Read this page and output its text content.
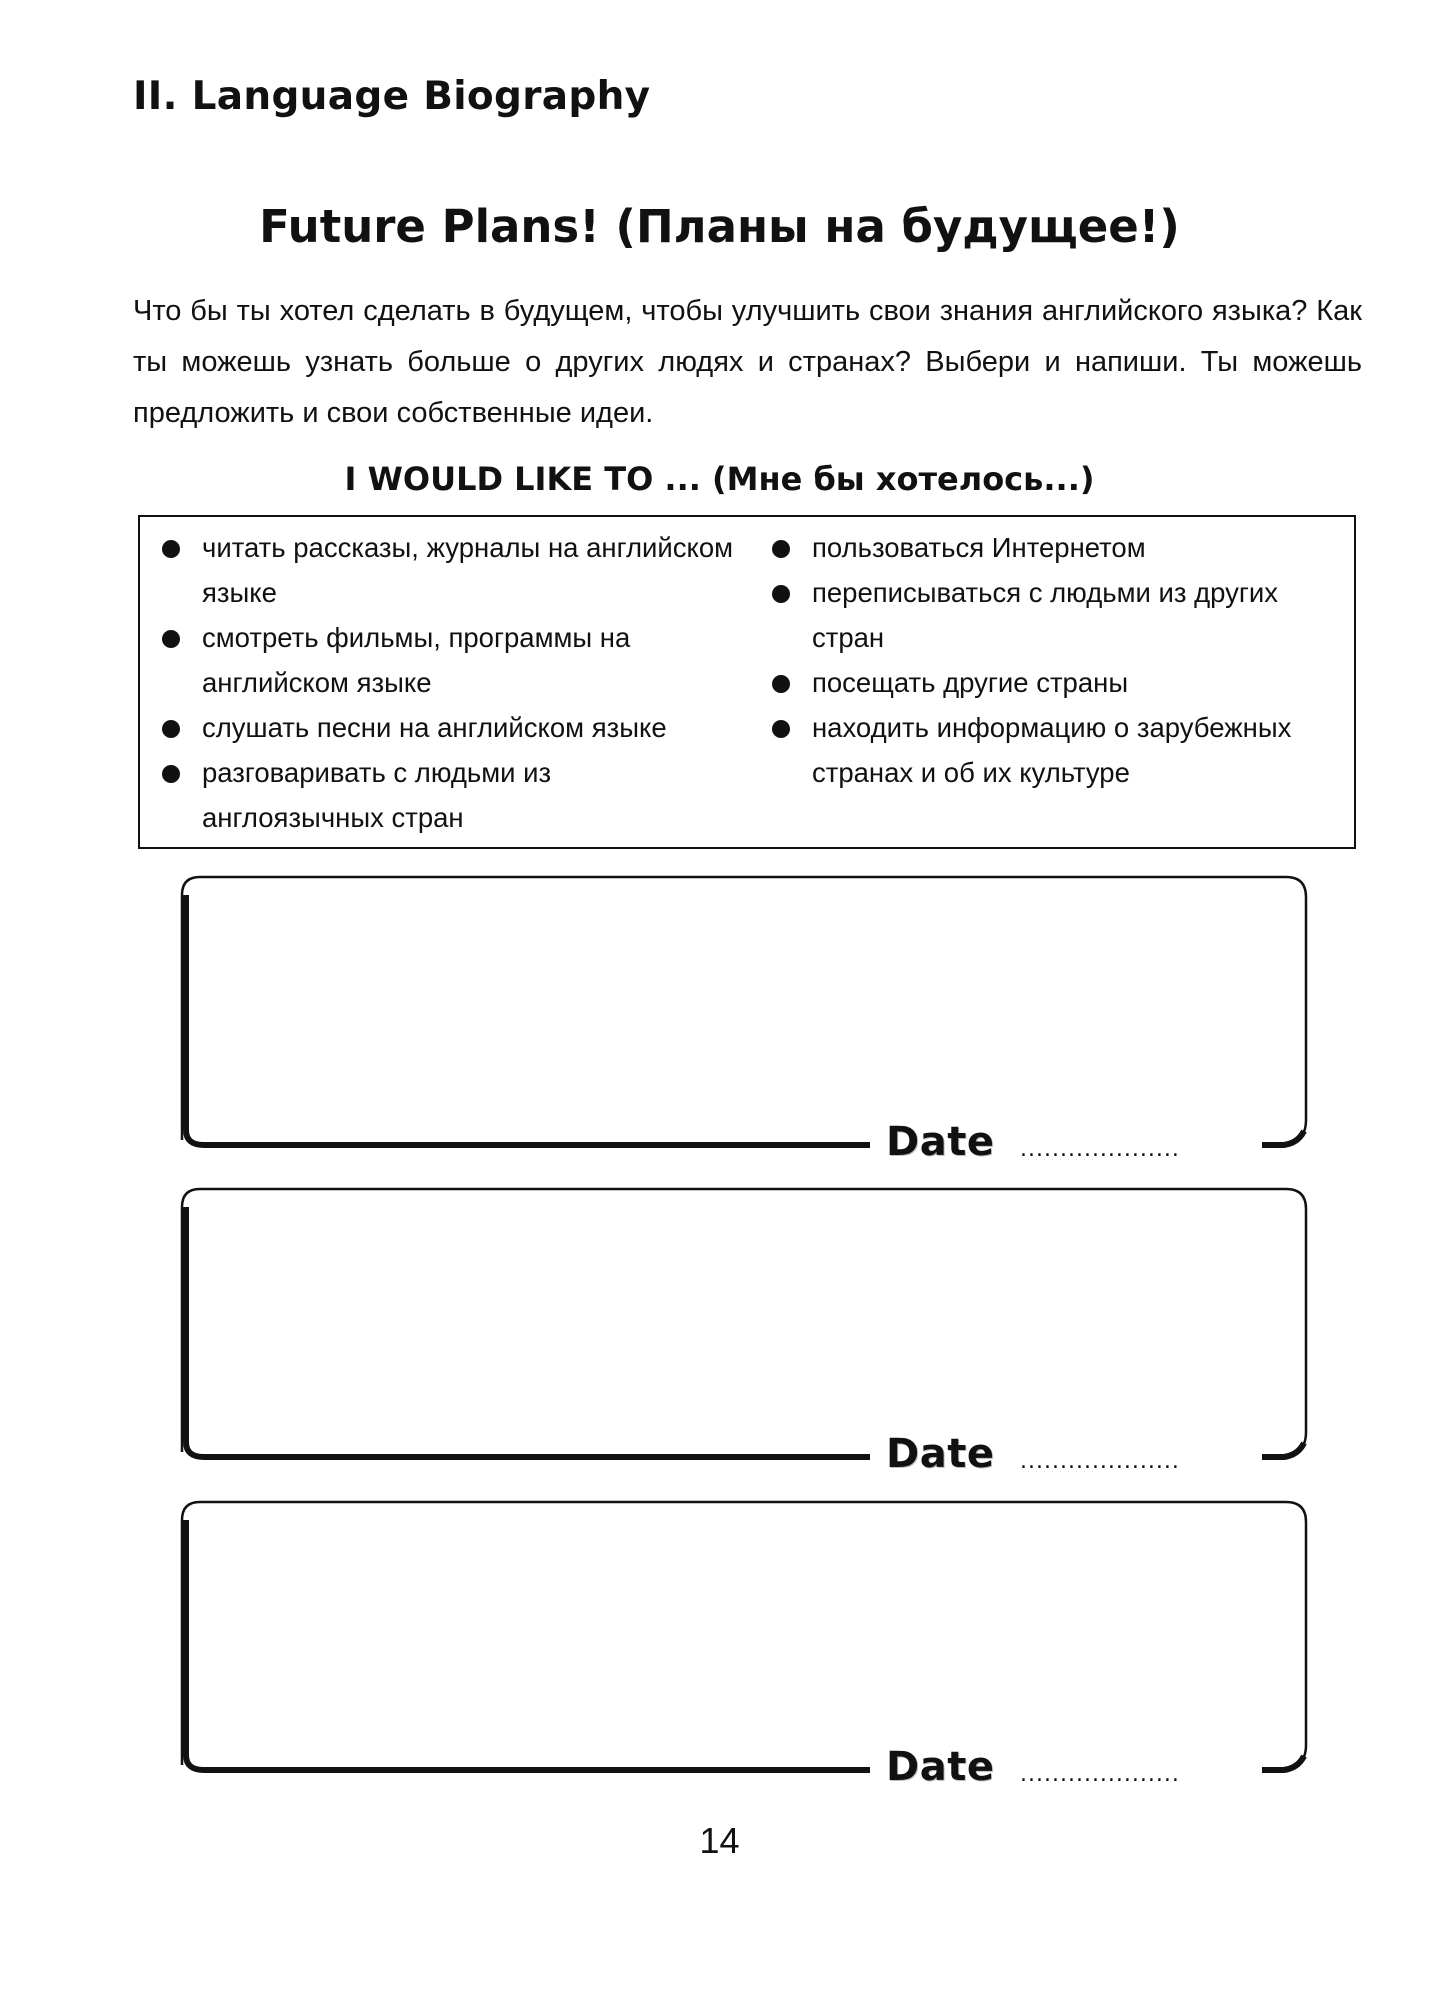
II. Language Biography
Future Plans! (Планы на будущее!)
Что бы ты хотел сделать в будущем, чтобы улучшить свои знания английского языка? Как ты можешь узнать больше о других людях и странах? Выбери и напиши. Ты можешь предложить и свои собственные идеи.
I WOULD LIKE TO ... (Мне бы хотелось...)
читать рассказы, журналы на английском языке
смотреть фильмы, программы на английском языке
слушать песни на английском языке
разговаривать с людьми из англоязычных стран
пользоваться Интернетом
переписываться с людьми из других стран
посещать другие страны
находить информацию о зарубежных странах и об их культуре
Date	....................
Date	....................
Date	....................
14
